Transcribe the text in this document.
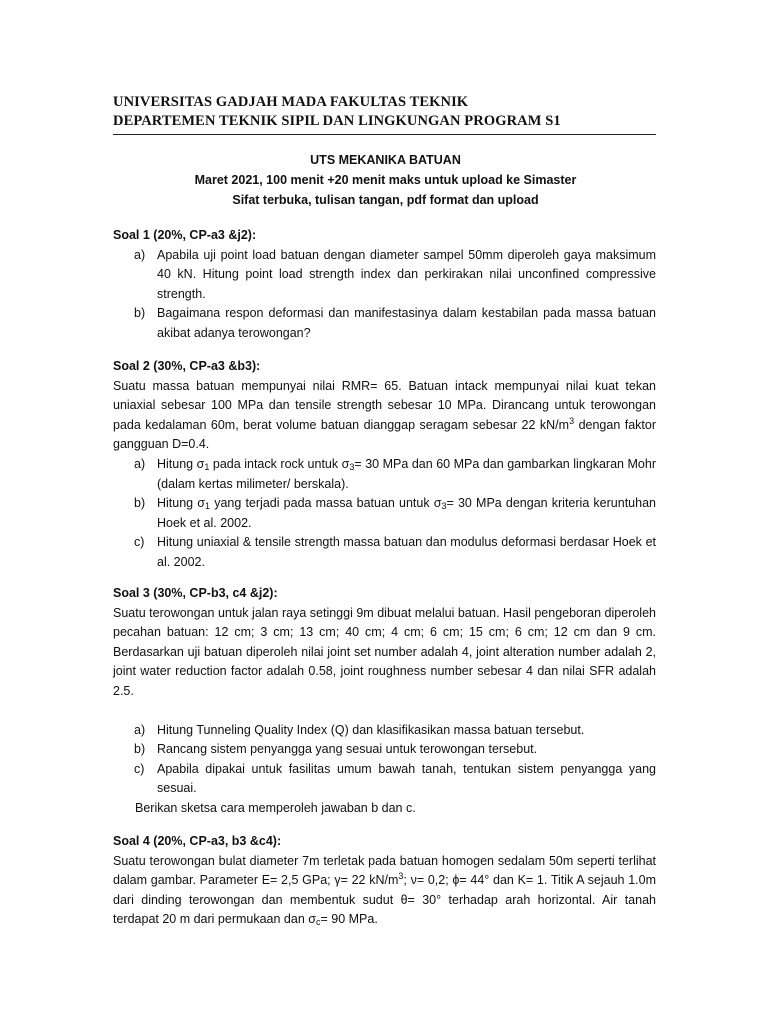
UNIVERSITAS GADJAH MADA FAKULTAS TEKNIK
DEPARTEMEN TEKNIK SIPIL DAN LINGKUNGAN PROGRAM S1
UTS MEKANIKA BATUAN
Maret 2021, 100 menit +20 menit maks untuk upload ke Simaster
Sifat terbuka, tulisan tangan, pdf format dan upload
Soal 1 (20%, CP-a3 &j2):
a) Apabila uji point load batuan dengan diameter sampel 50mm diperoleh gaya maksimum 40 kN. Hitung point load strength index dan perkirakan nilai unconfined compressive strength.
b) Bagaimana respon deformasi dan manifestasinya dalam kestabilan pada massa batuan akibat adanya terowongan?
Soal 2 (30%, CP-a3 &b3):
Suatu massa batuan mempunyai nilai RMR= 65. Batuan intack mempunyai nilai kuat tekan uniaxial sebesar 100 MPa dan tensile strength sebesar 10 MPa. Dirancang untuk terowongan pada kedalaman 60m, berat volume batuan dianggap seragam sebesar 22 $kN/m^3$ dengan faktor gangguan D=0.4.
a) Hitung $\sigma_1$ pada intack rock untuk $\sigma_3= 30$ MPa dan 60 MPa dan gambarkan lingkaran Mohr (dalam kertas milimeter/ berskala).
b) Hitung $\sigma_1$ yang terjadi pada massa batuan untuk $\sigma_3= 30$ MPa dengan kriteria keruntuhan Hoek et al. 2002.
c)	Hitung uniaxial & tensile strength massa batuan dan modulus deformasi berdasar Hoek et al. 2002.
Soal 3 (30%, CP-b3, c4 &j2):
Suatu terowongan untuk jalan raya setinggi 9m dibuat melalui batuan. Hasil pengeboran diperoleh pecahan batuan: 12 cm; 3 cm; 13 cm; 40 cm; 4 cm; 6 cm; 15 cm; 6 cm; 12 cm dan 9 cm. Berdasarkan uji batuan diperoleh nilai joint set number adalah 4, joint alteration number adalah 2, joint water reduction factor adalah 0.58, joint roughness number sebesar 4 dan nilai SFR adalah 2.5.
a) Hitung Tunneling Quality Index (Q) dan klasifikasikan massa batuan tersebut.
b) Rancang sistem penyangga yang sesuai untuk terowongan tersebut.
c)	Apabila dipakai untuk fasilitas umum bawah tanah, tentukan sistem penyangga yang sesuai.
Berikan sketsa cara memperoleh jawaban b dan c.
Soal 4 (20%, CP-a3, b3 &c4):
Suatu terowongan bulat diameter 7m terletak pada batuan homogen sedalam 50m seperti terlihat dalam gambar. Parameter E= 2,5 GPa; γ= 22 $kN/m^3$; ν= 0,2; ϕ= 44° dan K= 1. Titik A sejauh 1.0m dari dinding terowongan dan membentuk sudut θ= 30° terhadap arah horizontal. Air tanah terdapat 20 m dari permukaan dan $\sigma_c= 90$ MPa.
